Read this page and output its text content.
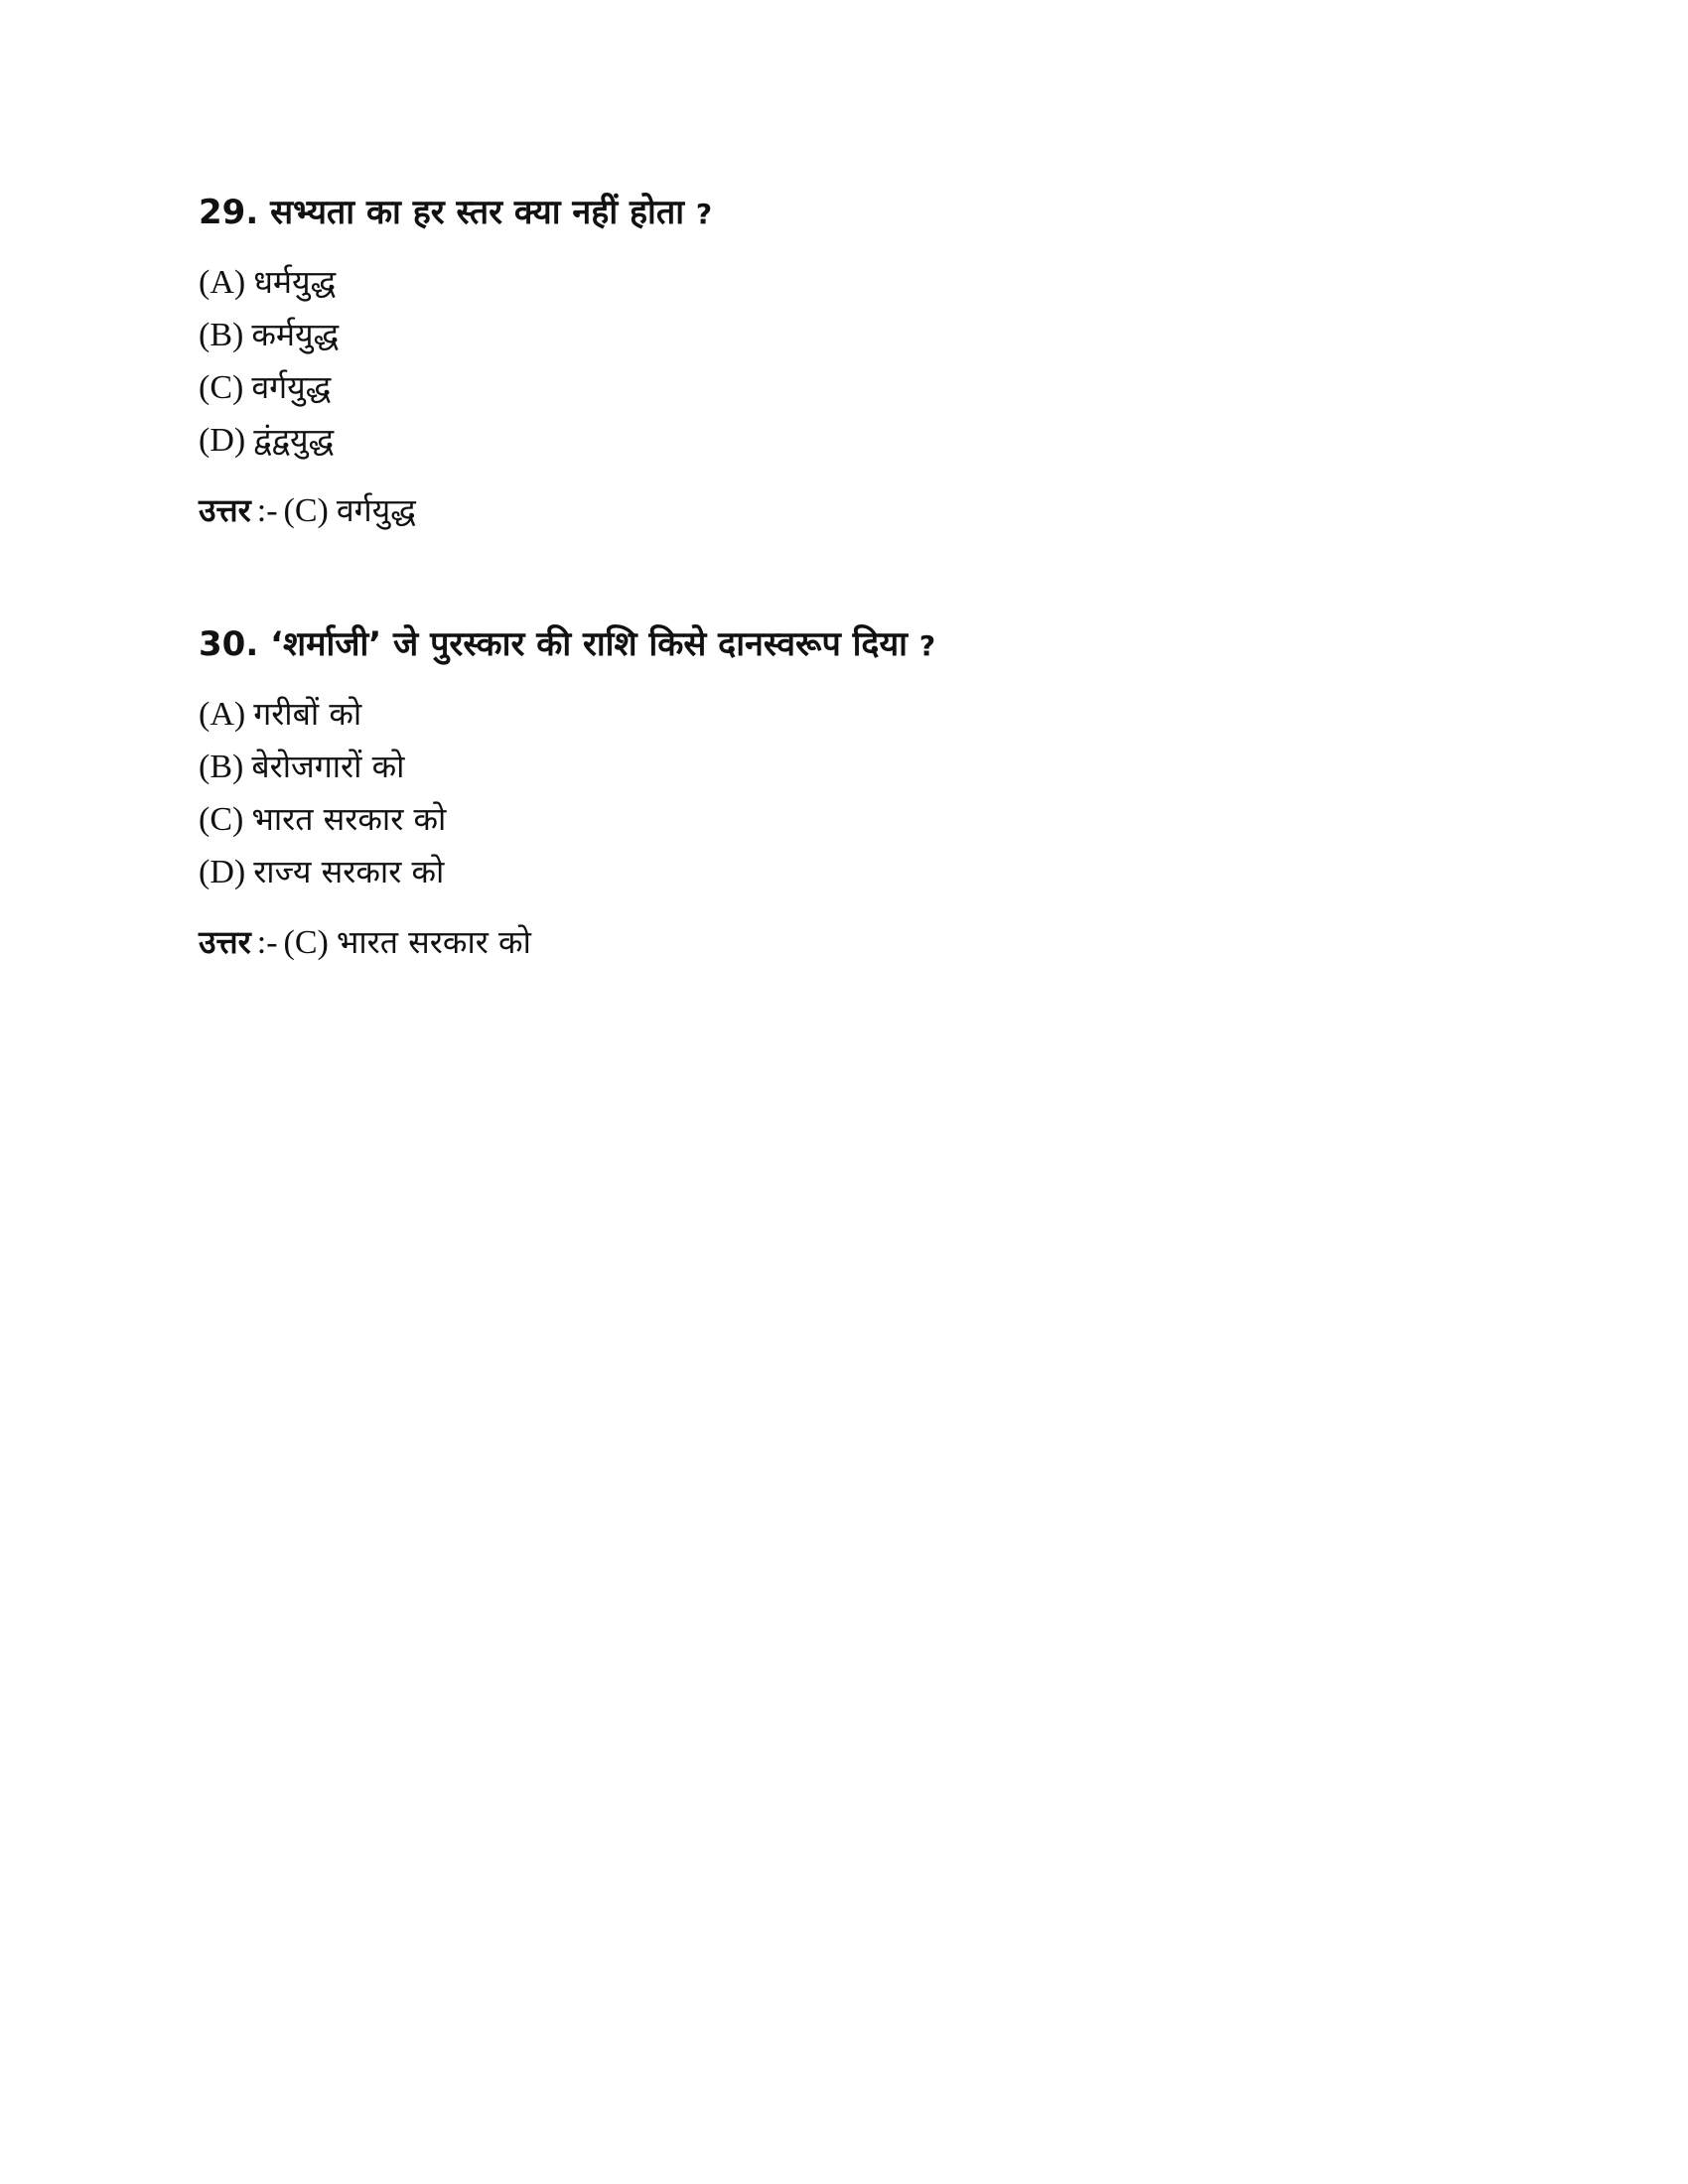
29. सभ्यता का हर स्तर क्या नहीं होता ?

(A) धर्मयुद्ध
(B) कर्मयुद्ध
(C) वर्गयुद्ध
(D) द्वंद्वयुद्ध

उत्तर :- (C) वर्गयुद्ध

30. ‘शर्माजी’ जे पुरस्कार की राशि किसे दानस्वरूप दिया ?

(A) गरीबों को
(B) बेरोजगारों को
(C) भारत सरकार को
(D) राज्य सरकार को

उत्तर :- (C) भारत सरकार को
